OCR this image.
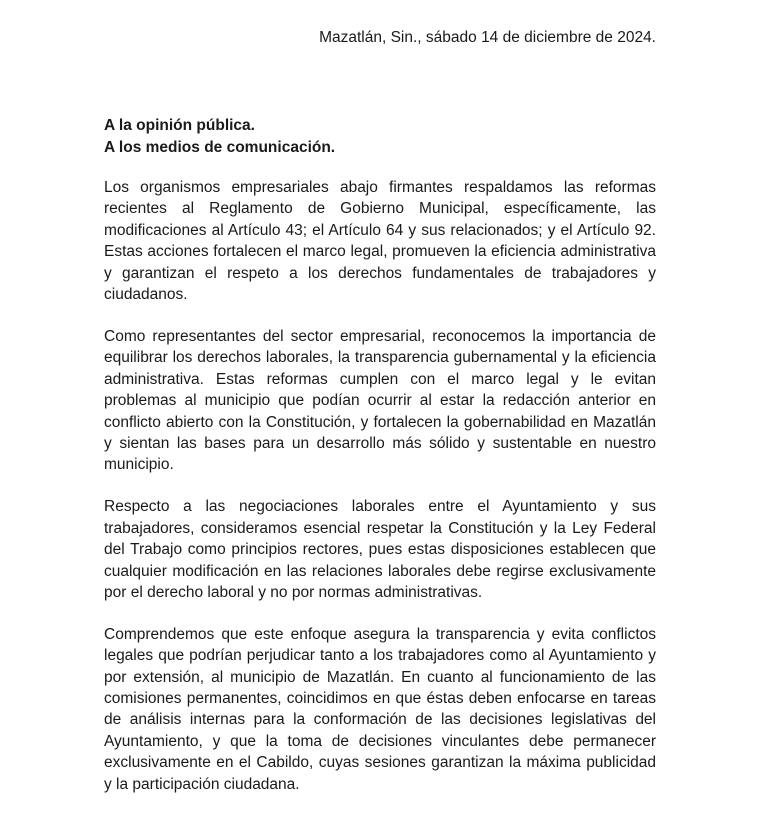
Mazatlán, Sin., sábado 14 de diciembre de 2024.
A la opinión pública.
A los medios de comunicación.

Los organismos empresariales abajo firmantes respaldamos las reformas recientes al Reglamento de Gobierno Municipal, específicamente, las modificaciones al Artículo 43; el Artículo 64 y sus relacionados; y el Artículo 92. Estas acciones fortalecen el marco legal, promueven la eficiencia administrativa y garantizan el respeto a los derechos fundamentales de trabajadores y ciudadanos.

Como representantes del sector empresarial, reconocemos la importancia de equilibrar los derechos laborales, la transparencia gubernamental y la eficiencia administrativa. Estas reformas cumplen con el marco legal y le evitan problemas al municipio que podían ocurrir al estar la redacción anterior en conflicto abierto con la Constitución, y fortalecen la gobernabilidad en Mazatlán y sientan las bases para un desarrollo más sólido y sustentable en nuestro municipio.

Respecto a las negociaciones laborales entre el Ayuntamiento y sus trabajadores, consideramos esencial respetar la Constitución y la Ley Federal del Trabajo como principios rectores, pues estas disposiciones establecen que cualquier modificación en las relaciones laborales debe regirse exclusivamente por el derecho laboral y no por normas administrativas.

Comprendemos que este enfoque asegura la transparencia y evita conflictos legales que podrían perjudicar tanto a los trabajadores como al Ayuntamiento y por extensión, al municipio de Mazatlán. En cuanto al funcionamiento de las comisiones permanentes, coincidimos en que éstas deben enfocarse en tareas de análisis internas para la conformación de las decisiones legislativas del Ayuntamiento, y que la toma de decisiones vinculantes debe permanecer exclusivamente en el Cabildo, cuyas sesiones garantizan la máxima publicidad y la participación ciudadana.
